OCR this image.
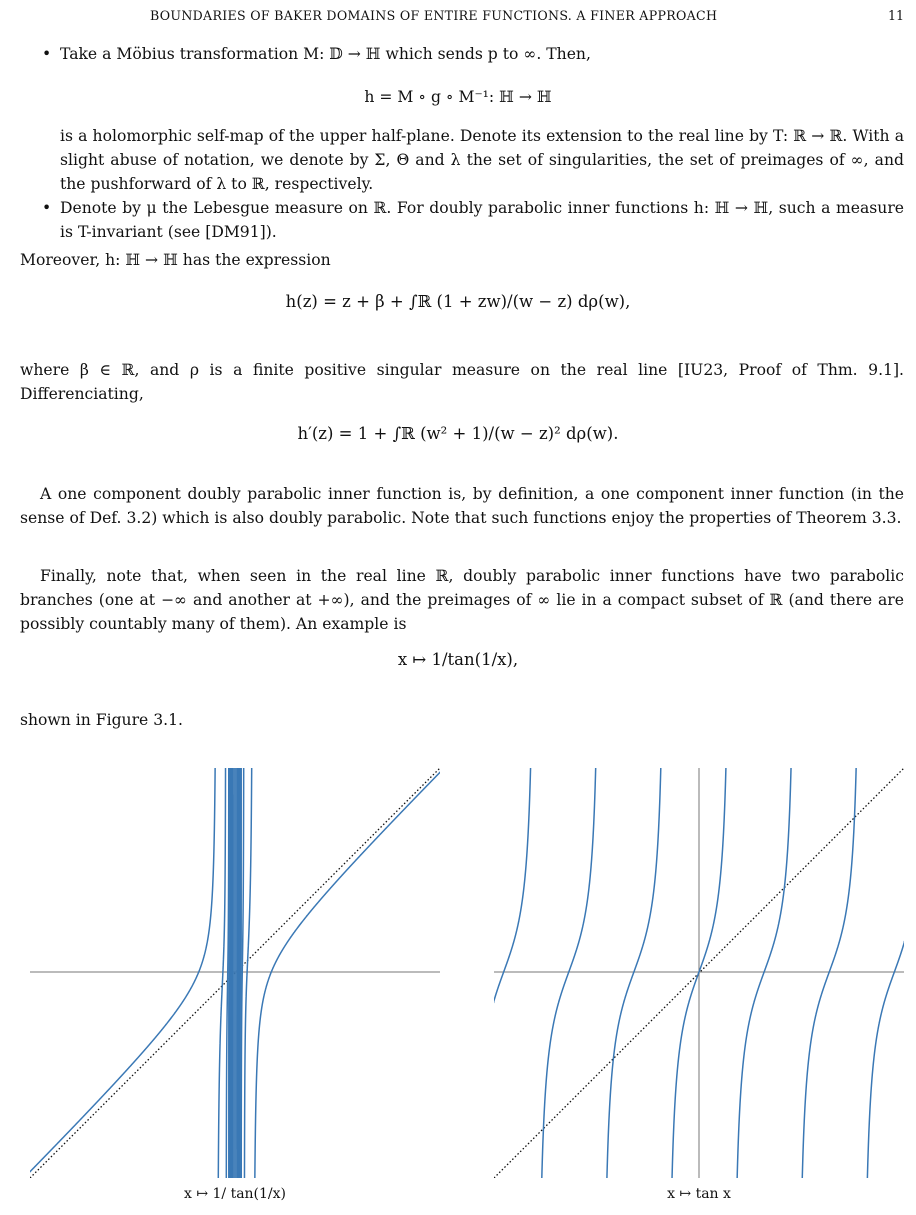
BOUNDARIES OF BAKER DOMAINS OF ENTIRE FUNCTIONS. A FINER APPROACH	11
• Take a Möbius transformation M: 𝔻 → ℍ which sends p to ∞. Then,
h = M ∘ g ∘ M⁻¹: ℍ → ℍ
is a holomorphic self-map of the upper half-plane. Denote its extension to the real line by T: ℝ → ℝ. With a slight abuse of notation, we denote by Σ, Θ and λ the set of singularities, the set of preimages of ∞, and the pushforward of λ to ℝ, respectively.
• Denote by μ the Lebesgue measure on ℝ. For doubly parabolic inner functions h: ℍ → ℍ, such a measure is T-invariant (see [DM91]).
Moreover, h: ℍ → ℍ has the expression
h(z) = z + β + ∫ℝ (1 + zw)/(w − z) dρ(w),
where β ∈ ℝ, and ρ is a finite positive singular measure on the real line [IU23, Proof of Thm. 9.1]. Differenciating,
h′(z) = 1 + ∫ℝ (w² + 1)/(w − z)² dρ(w).
A one component doubly parabolic inner function is, by definition, a one component inner function (in the sense of Def. 3.2) which is also doubly parabolic. Note that such functions enjoy the properties of Theorem 3.3.
Finally, note that, when seen in the real line ℝ, doubly parabolic inner functions have two parabolic branches (one at −∞ and another at +∞), and the preimages of ∞ lie in a compact subset of ℝ (and there are possibly countably many of them). An example is
x ↦ 1/tan(1/x),
shown in Figure 3.1.
x ↦ 1/ tan(1/x)	x ↦ tan x
